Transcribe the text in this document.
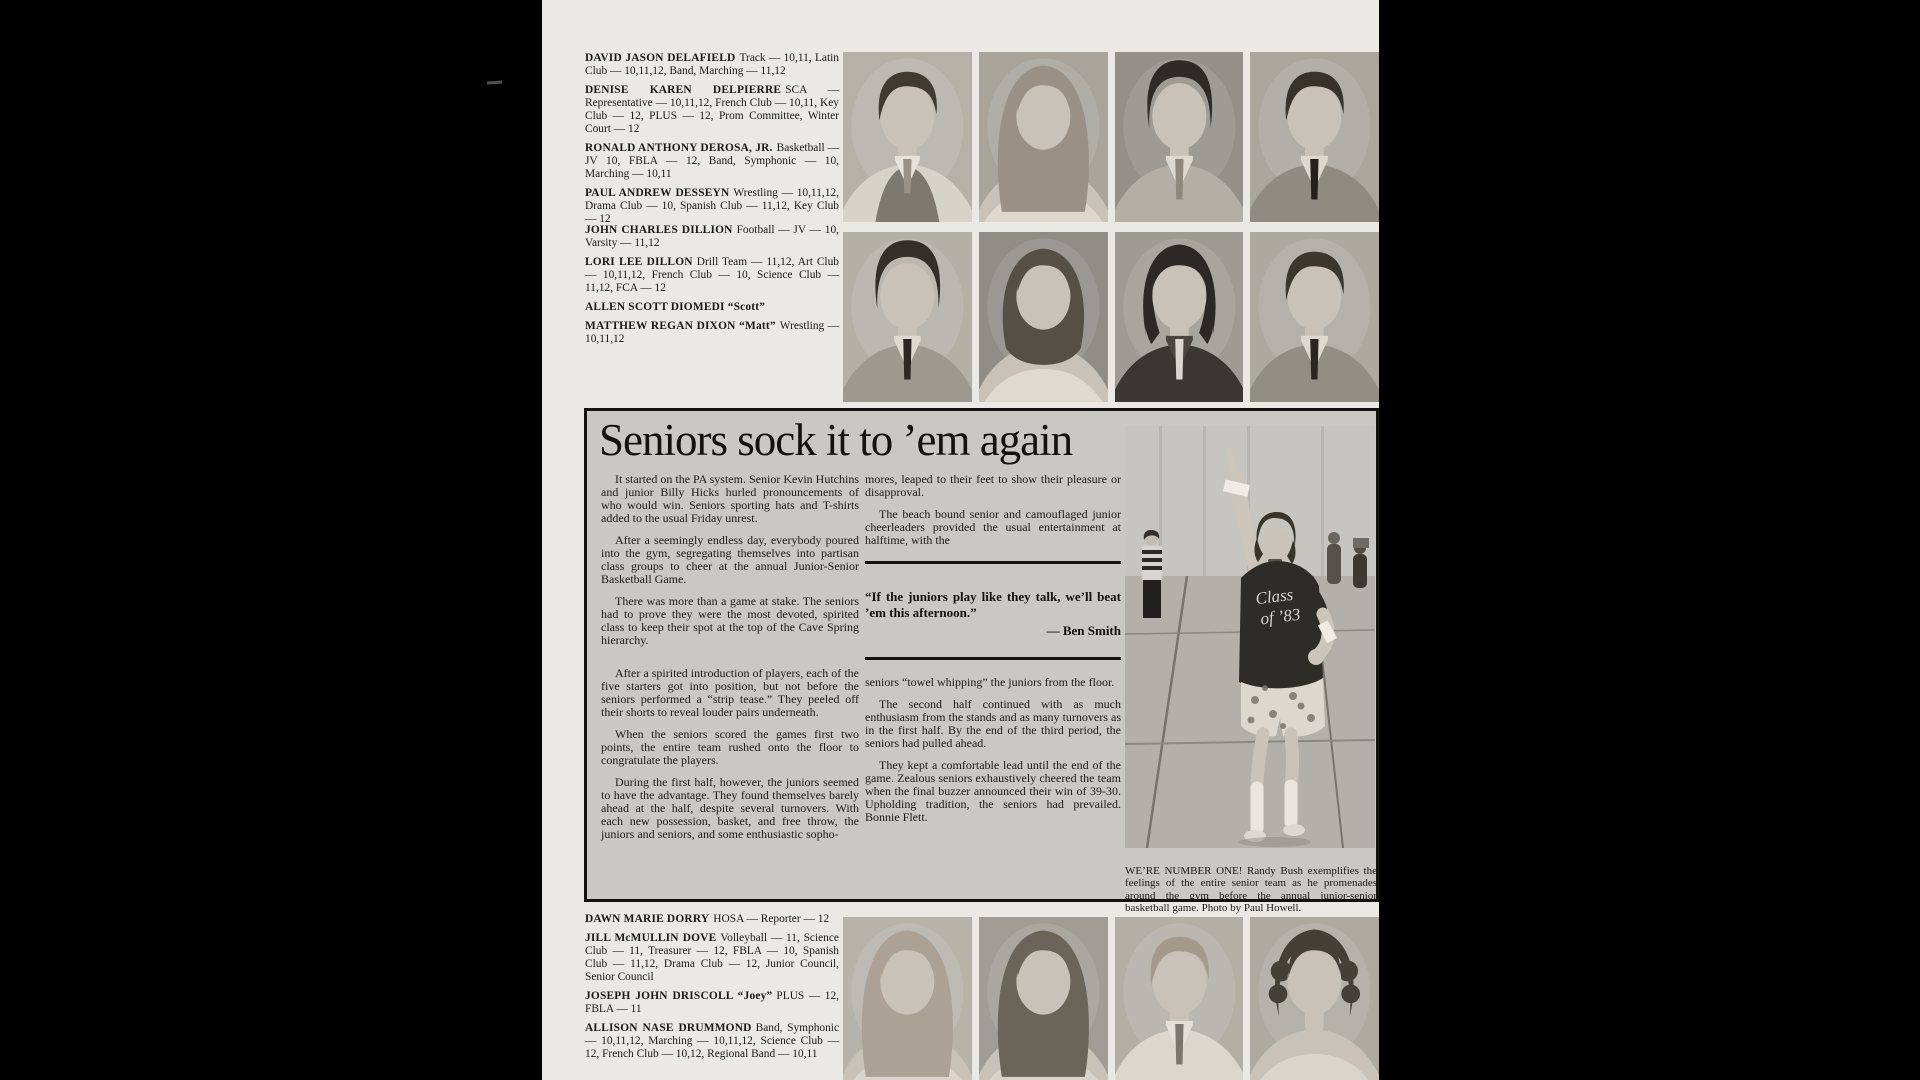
DAVID JASON DELAFIELD Track — 10,11, Latin Club — 10,11,12, Band, Marching — 11,12

DENISE KAREN DELPIERRE SCA — Representative — 10,11,12, French Club — 10,11, Key Club — 12, PLUS — 12, Prom Committee, Winter Court — 12

RONALD ANTHONY DEROSA, JR. Basketball — JV 10, FBLA — 12, Band, Symphonic — 10, Marching — 10,11

PAUL ANDREW DESSEYN Wrestling — 10,11,12, Drama Club — 10, Spanish Club — 11,12, Key Club — 12

JOHN CHARLES DILLION Football — JV — 10, Varsity — 11,12

LORI LEE DILLON Drill Team — 11,12, Art Club — 10,11,12, French Club — 10, Science Club — 11,12, FCA — 12

ALLEN SCOTT DIOMEDI “Scott”

MATTHEW REGAN DIXON “Matt” Wrestling — 10,11,12

Seniors sock it to ’em again

It started on the PA system. Senior Kevin Hutchins and junior Billy Hicks hurled pronouncements of who would win. Seniors sporting hats and T-shirts added to the usual Friday unrest.

After a seemingly endless day, everybody poured into the gym, segregating themselves into partisan class groups to cheer at the annual Junior-Senior Basketball Game.

There was more than a game at stake. The seniors had to prove they were the most devoted, spirited class to keep their spot at the top of the Cave Spring hierarchy.

After a spirited introduction of players, each of the five starters got into position, but not before the seniors performed a “strip tease.” They peeled off their shorts to reveal louder pairs underneath.

When the seniors scored the games first two points, the entire team rushed onto the floor to congratulate the players.

During the first half, however, the juniors seemed to have the advantage. They found themselves barely ahead at the half, despite several turnovers. With each new possession, basket, and free throw, the juniors and seniors, and some enthusiastic sopho-

mores, leaped to their feet to show their pleasure or disapproval.

The beach bound senior and camouflaged junior cheerleaders provided the usual entertainment at halftime, with the

“If the juniors play like they talk, we’ll beat ’em this afternoon.”

— Ben Smith

seniors “towel whipping” the juniors from the floor.

The second half continued with as much enthusiasm from the stands and as many turnovers as in the first half. By the end of the third period, the seniors had pulled ahead.

They kept a comfortable lead until the end of the game. Zealous seniors exhaustively cheered the team when the final buzzer announced their win of 39-30. Upholding tradition, the seniors had prevailed. Bonnie Flett.

Class
of ’83

WE’RE NUMBER ONE! Randy Bush exemplifies the feelings of the entire senior team as he promenades around the gym before the annual junior-senior basketball game. Photo by Paul Howell.

DAWN MARIE DORRY HOSA — Reporter — 12

JILL McMULLIN DOVE Volleyball — 11, Science Club — 11, Treasurer — 12, FBLA — 10, Spanish Club — 11,12, Drama Club — 12, Junior Council, Senior Council

JOSEPH JOHN DRISCOLL “Joey” PLUS — 12, FBLA — 11

ALLISON NASE DRUMMOND Band, Symphonic — 10,11,12, Marching — 10,11,12, Science Club — 12, French Club — 10,12, Regional Band — 10,11
